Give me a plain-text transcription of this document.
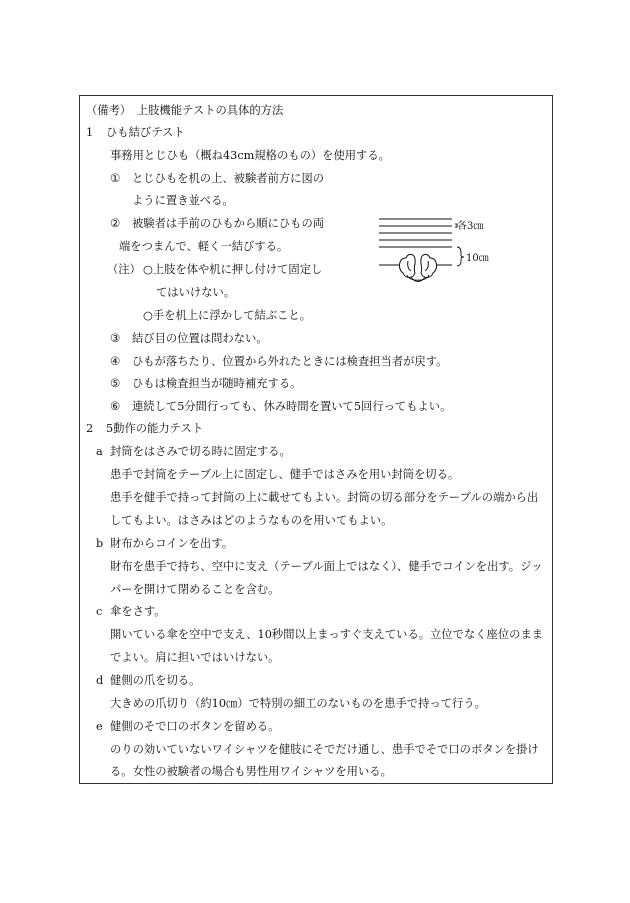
（備考）　上肢機能テストの具体的方法
1 ひも結びテスト
事務用とじひも（概ね43cm規格のもの）を使用する。
① とじひもを机の上、被験者前方に図の
ように置き並べる。
② 被験者は手前のひもから順にひもの両
端をつまんで、軽く一結びする。
（注） ○上肢を体や机に押し付けて固定し
てはいけない。
○手を机上に浮かして結ぶこと。
③ 結び目の位置は問わない。
④ ひもが落ちたり、位置から外れたときには検査担当者が戻す。
⑤ ひもは検査担当が随時補充する。
⑥ 連続して5分間行っても、休み時間を置いて5回行ってもよい。
各3㎝
10㎝
2 5動作の能力テスト
a 封筒をはさみで切る時に固定する。
患手で封筒をテーブル上に固定し、健手ではさみを用い封筒を切る。
患手を健手で持って封筒の上に載せてもよい。封筒の切る部分をテーブルの端から出
してもよい。はさみはどのようなものを用いてもよい。
b 財布からコインを出す。
財布を患手で持ち、空中に支え（テーブル面上ではなく）、健手でコインを出す。ジッ
パーを開けて閉めることを含む。
c 傘をさす。
開いている傘を空中で支え、10秒間以上まっすぐ支えている。立位でなく座位のまま
でよい。肩に担いではいけない。
d 健側の爪を切る。
大きめの爪切り（約10㎝）で特別の細工のないものを患手で持って行う。
e 健側のそで口のボタンを留める。
のりの効いていないワイシャツを健肢にそでだけ通し、患手でそで口のボタンを掛け
る。女性の被験者の場合も男性用ワイシャツを用いる。
